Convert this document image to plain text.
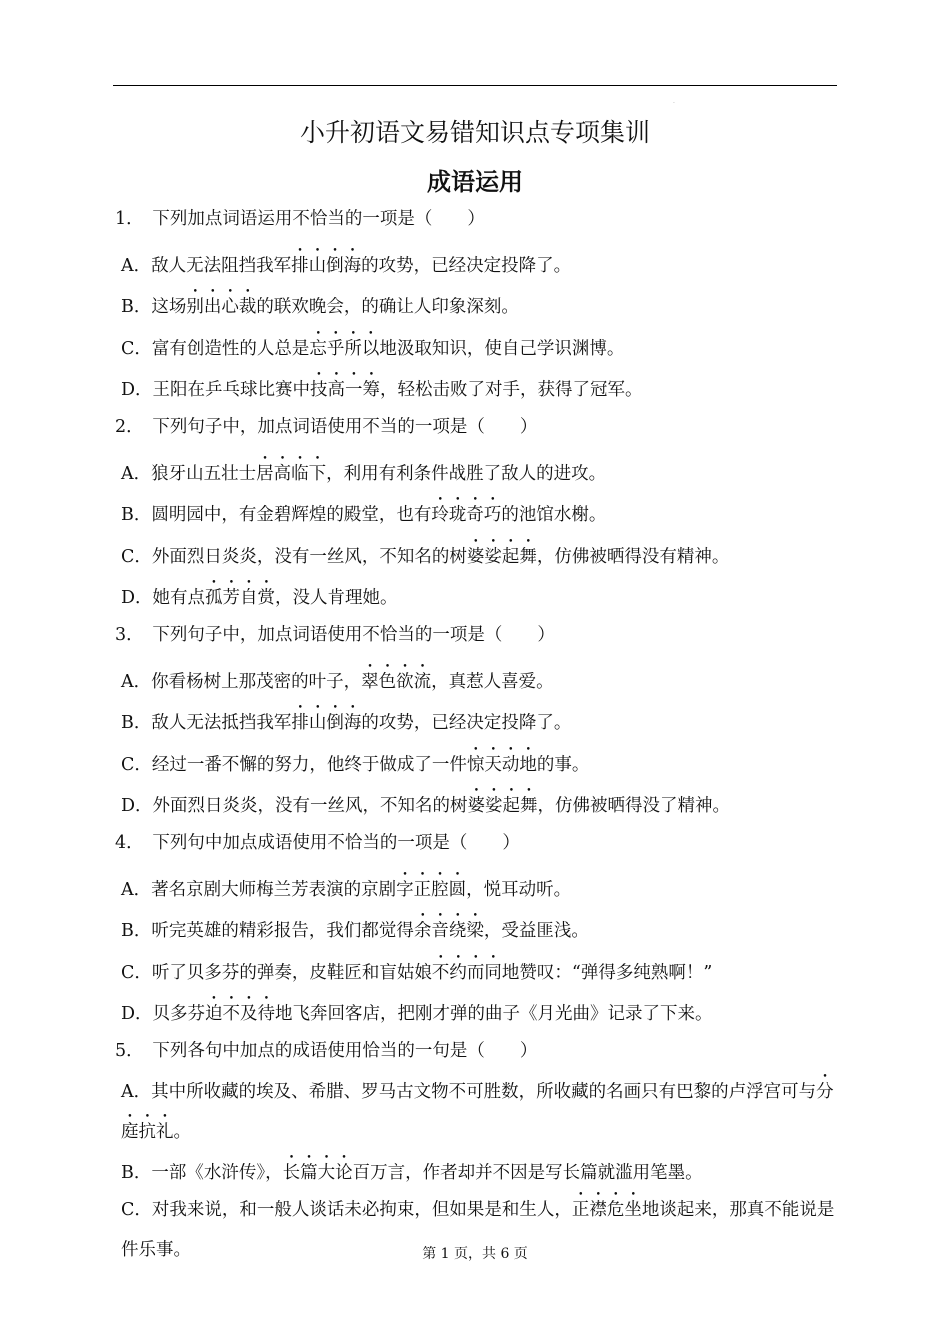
·
小升初语文易错知识点专项集训
成语运用
1．　下列加点词语运用不恰当的一项是（　　）
A．敌人无法阻挡我军排山倒海的攻势，已经决定投降了。
B．这场别出心裁的联欢晚会，的确让人印象深刻。
C．富有创造性的人总是忘乎所以地汲取知识，使自己学识渊博。
D．王阳在乒乓球比赛中技高一筹，轻松击败了对手，获得了冠军。
2．　下列句子中，加点词语使用不当的一项是（　　）
A．狼牙山五壮士居高临下，利用有利条件战胜了敌人的进攻。
B．圆明园中，有金碧辉煌的殿堂，也有玲珑奇巧的池馆水榭。
C．外面烈日炎炎，没有一丝风，不知名的树婆娑起舞，仿佛被晒得没有精神。
D．她有点孤芳自赏，没人肯理她。
3．　下列句子中，加点词语使用不恰当的一项是（　　）
A．你看杨树上那茂密的叶子，翠色欲流，真惹人喜爱。
B．敌人无法抵挡我军排山倒海的攻势，已经决定投降了。
C．经过一番不懈的努力，他终于做成了一件惊天动地的事。
D．外面烈日炎炎，没有一丝风，不知名的树婆娑起舞，仿佛被晒得没了精神。
4．　下列句中加点成语使用不恰当的一项是（　　）
A．著名京剧大师梅兰芳表演的京剧字正腔圆，悦耳动听。
B．听完英雄的精彩报告，我们都觉得余音绕梁，受益匪浅。
C．听了贝多芬的弹奏，皮鞋匠和盲姑娘不约而同地赞叹：“弹得多纯熟啊！”
D．贝多芬迫不及待地飞奔回客店，把刚才弹的曲子《月光曲》记录了下来。
5．　下列各句中加点的成语使用恰当的一句是（　　）
A．其中所收藏的埃及、希腊、罗马古文物不可胜数，所收藏的名画只有巴黎的卢浮宫可与分庭抗礼。
B．一部《水浒传》，长篇大论百万言，作者却并不因是写长篇就滥用笔墨。
C．对我来说，和一般人谈话未必拘束，但如果是和生人，正襟危坐地谈起来，那真不能说是件乐事。	第 1 页，共 6 页
